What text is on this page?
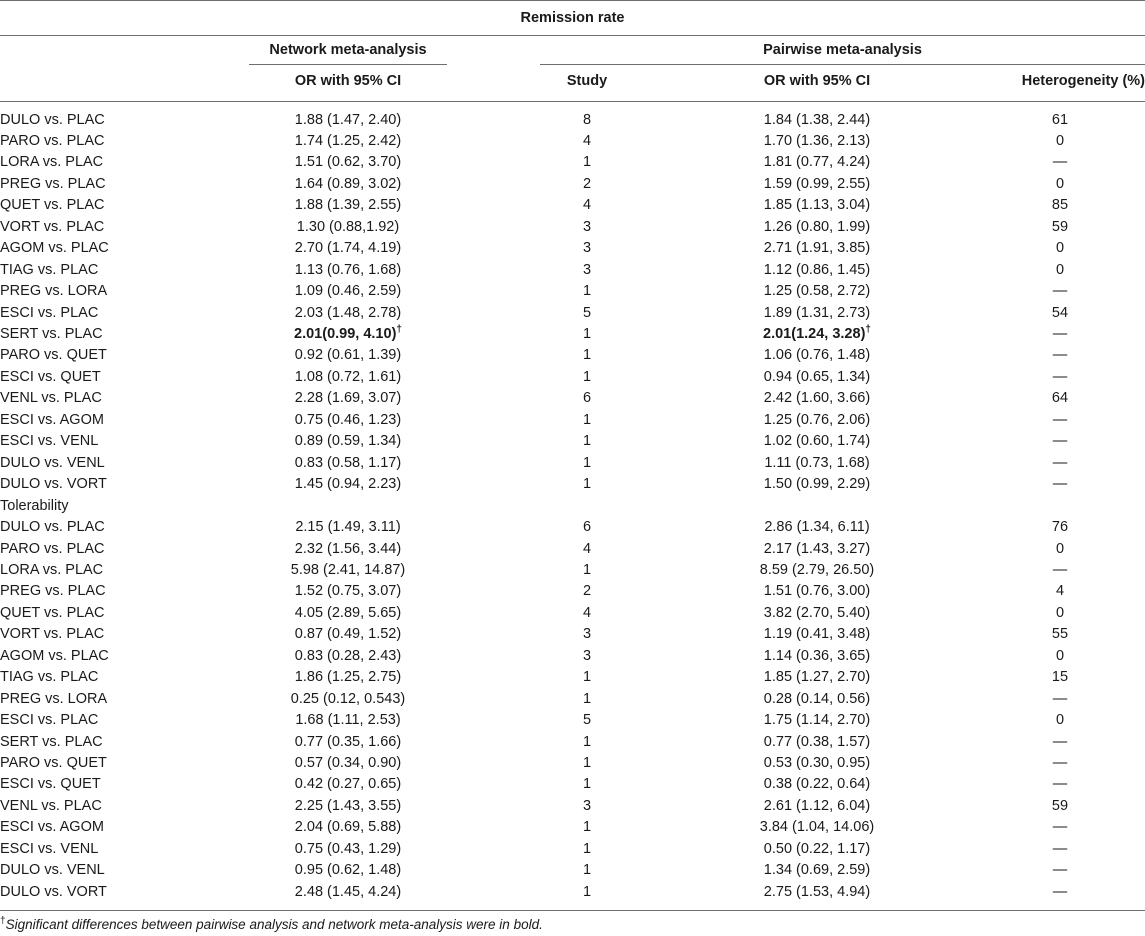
Remission rate
Network meta-analysis	Pairwise meta-analysis
OR with 95% CI	Study	OR with 95% CI	Heterogeneity (%)
DULO vs. PLAC	1.88 (1.47, 2.40)	8	1.84 (1.38, 2.44)	61
PARO vs. PLAC	1.74 (1.25, 2.42)	4	1.70 (1.36, 2.13)	0
LORA vs. PLAC	1.51 (0.62, 3.70)	1	1.81 (0.77, 4.24)	—
PREG vs. PLAC	1.64 (0.89, 3.02)	2	1.59 (0.99, 2.55)	0
QUET vs. PLAC	1.88 (1.39, 2.55)	4	1.85 (1.13, 3.04)	85
VORT vs. PLAC	1.30 (0.88,1.92)	3	1.26 (0.80, 1.99)	59
AGOM vs. PLAC	2.70 (1.74, 4.19)	3	2.71 (1.91, 3.85)	0
TIAG vs. PLAC	1.13 (0.76, 1.68)	3	1.12 (0.86, 1.45)	0
PREG vs. LORA	1.09 (0.46, 2.59)	1	1.25 (0.58, 2.72)	—
ESCI vs. PLAC	2.03 (1.48, 2.78)	5	1.89 (1.31, 2.73)	54
SERT vs. PLAC	2.01(0.99, 4.10)†	1	2.01(1.24, 3.28)†	—
PARO vs. QUET	0.92 (0.61, 1.39)	1	1.06 (0.76, 1.48)	—
ESCI vs. QUET	1.08 (0.72, 1.61)	1	0.94 (0.65, 1.34)	—
VENL vs. PLAC	2.28 (1.69, 3.07)	6	2.42 (1.60, 3.66)	64
ESCI vs. AGOM	0.75 (0.46, 1.23)	1	1.25 (0.76, 2.06)	—
ESCI vs. VENL	0.89 (0.59, 1.34)	1	1.02 (0.60, 1.74)	—
DULO vs. VENL	0.83 (0.58, 1.17)	1	1.11 (0.73, 1.68)	—
DULO vs. VORT	1.45 (0.94, 2.23)	1	1.50 (0.99, 2.29)	—
Tolerability
DULO vs. PLAC	2.15 (1.49, 3.11)	6	2.86 (1.34, 6.11)	76
PARO vs. PLAC	2.32 (1.56, 3.44)	4	2.17 (1.43, 3.27)	0
LORA vs. PLAC	5.98 (2.41, 14.87)	1	8.59 (2.79, 26.50)	—
PREG vs. PLAC	1.52 (0.75, 3.07)	2	1.51 (0.76, 3.00)	4
QUET vs. PLAC	4.05 (2.89, 5.65)	4	3.82 (2.70, 5.40)	0
VORT vs. PLAC	0.87 (0.49, 1.52)	3	1.19 (0.41, 3.48)	55
AGOM vs. PLAC	0.83 (0.28, 2.43)	3	1.14 (0.36, 3.65)	0
TIAG vs. PLAC	1.86 (1.25, 2.75)	1	1.85 (1.27, 2.70)	15
PREG vs. LORA	0.25 (0.12, 0.543)	1	0.28 (0.14, 0.56)	—
ESCI vs. PLAC	1.68 (1.11, 2.53)	5	1.75 (1.14, 2.70)	0
SERT vs. PLAC	0.77 (0.35, 1.66)	1	0.77 (0.38, 1.57)	—
PARO vs. QUET	0.57 (0.34, 0.90)	1	0.53 (0.30, 0.95)	—
ESCI vs. QUET	0.42 (0.27, 0.65)	1	0.38 (0.22, 0.64)	—
VENL vs. PLAC	2.25 (1.43, 3.55)	3	2.61 (1.12, 6.04)	59
ESCI vs. AGOM	2.04 (0.69, 5.88)	1	3.84 (1.04, 14.06)	—
ESCI vs. VENL	0.75 (0.43, 1.29)	1	0.50 (0.22, 1.17)	—
DULO vs. VENL	0.95 (0.62, 1.48)	1	1.34 (0.69, 2.59)	—
DULO vs. VORT	2.48 (1.45, 4.24)	1	2.75 (1.53, 4.94)	—
†Significant differences between pairwise analysis and network meta-analysis were in bold.
